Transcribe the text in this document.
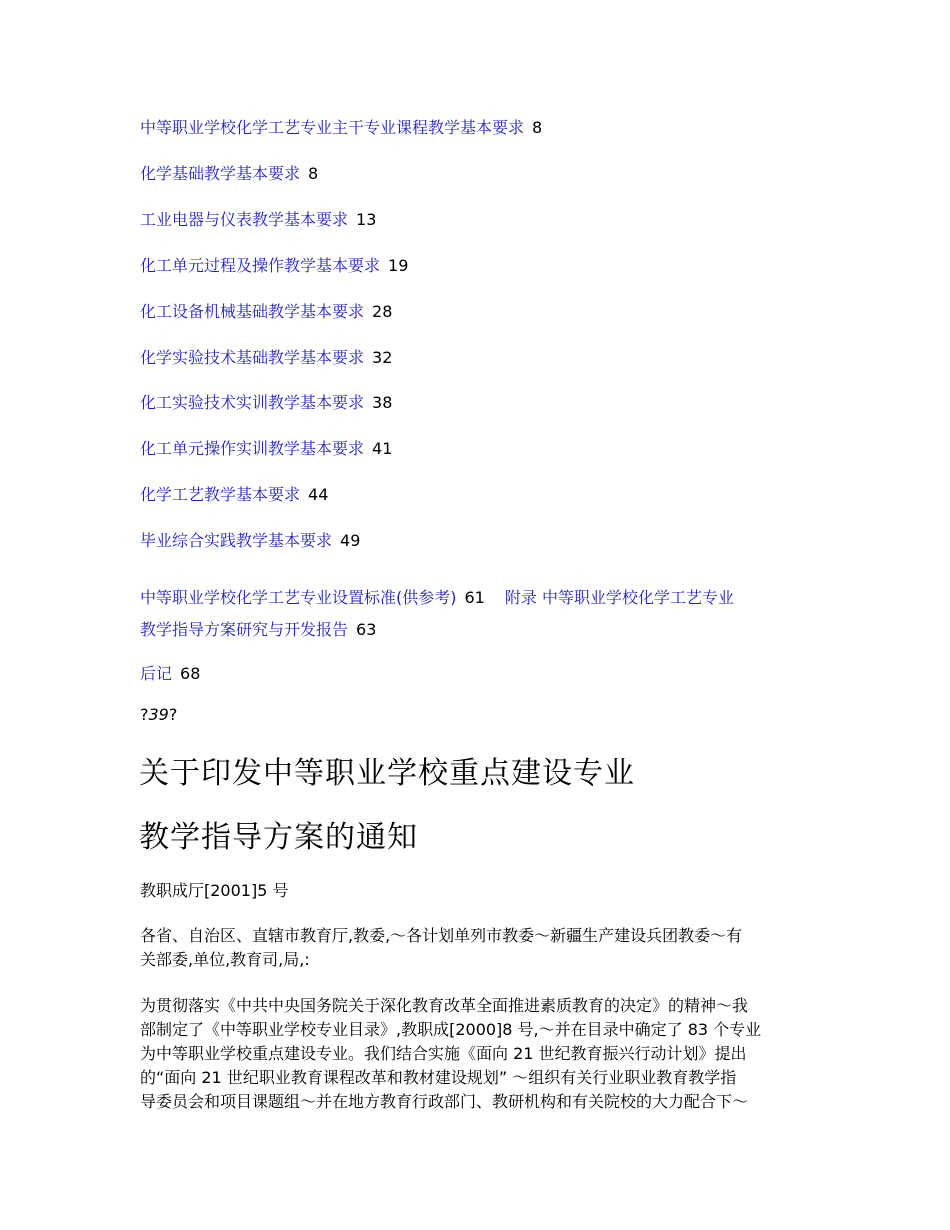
中等职业学校化学工艺专业主干专业课程教学基本要求 8
化学基础教学基本要求 8
工业电器与仪表教学基本要求 13
化工单元过程及操作教学基本要求 19
化工设备机械基础教学基本要求 28
化学实验技术基础教学基本要求 32
化工实验技术实训教学基本要求 38
化工单元操作实训教学基本要求 41
化学工艺教学基本要求 44
毕业综合实践教学基本要求 49
中等职业学校化学工艺专业设置标准(供参考) 61 附录 中等职业学校化学工艺专业
教学指导方案研究与开发报告 63
后记 68
?39?
关于印发中等职业学校重点建设专业
教学指导方案的通知
教职成厅[2001]5 号
各省、自治区、直辖市教育厅,教委,～各计划单列市教委～新疆生产建设兵团教委～有
关部委,单位,教育司,局,:
为贯彻落实《中共中央国务院关于深化教育改革全面推进素质教育的决定》的精神～我
部制定了《中等职业学校专业目录》,教职成[2000]8 号,～并在目录中确定了 83 个专业
为中等职业学校重点建设专业。我们结合实施《面向 21 世纪教育振兴行动计划》提出
的“面向 21 世纪职业教育课程改革和教材建设规划” ～组织有关行业职业教育教学指
导委员会和项目课题组～并在地方教育行政部门、教研机构和有关院校的大力配合下～
